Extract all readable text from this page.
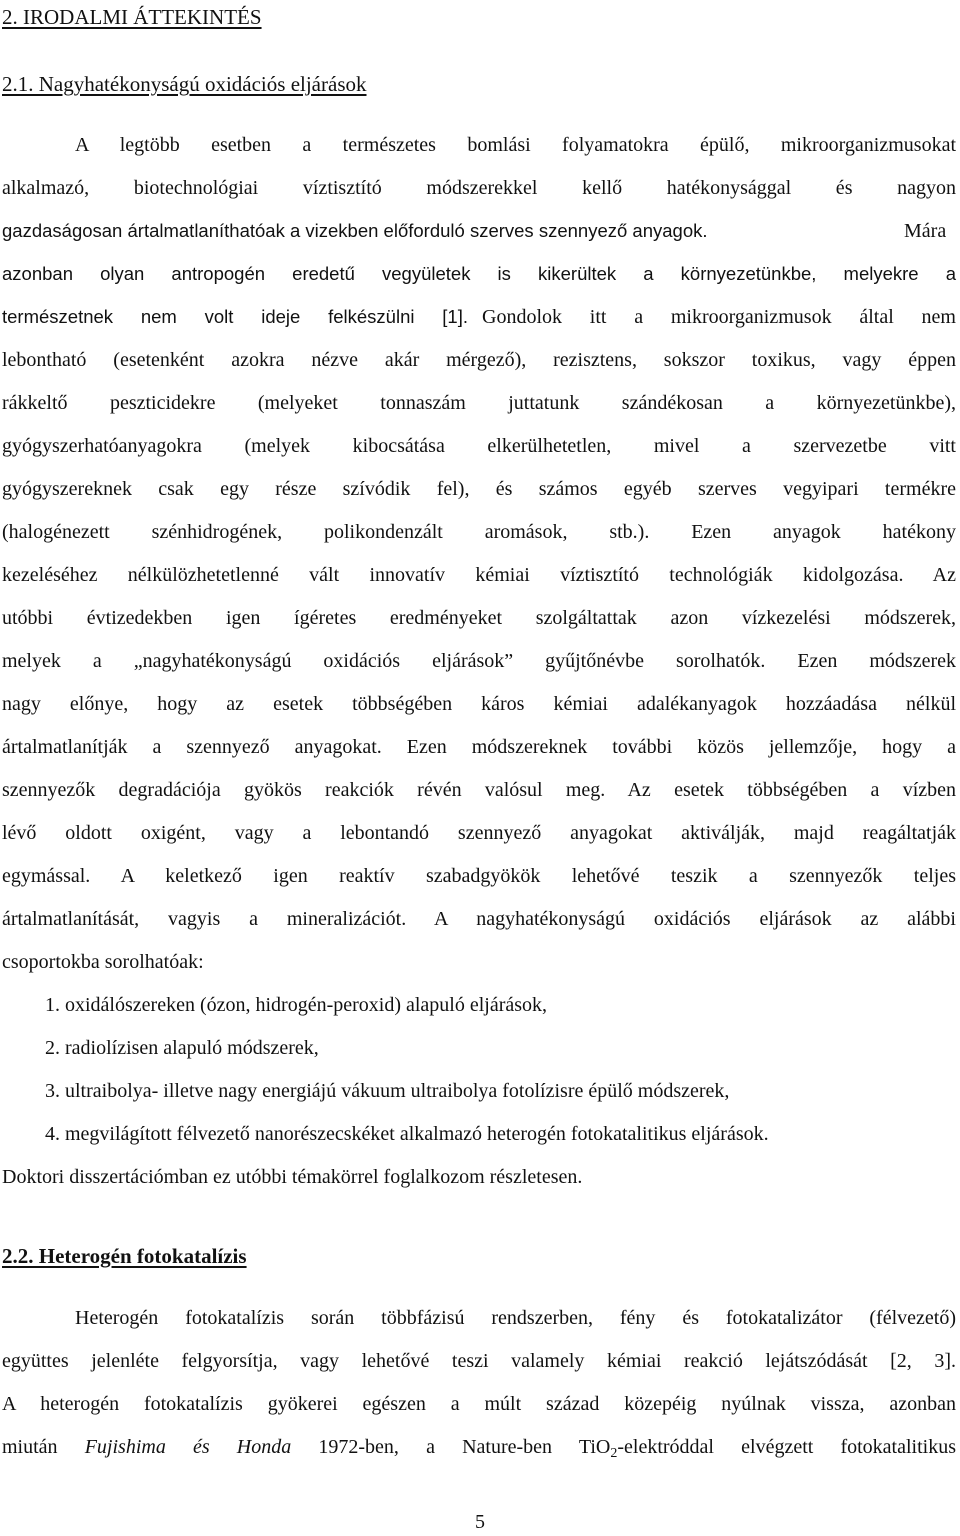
2. IRODALMI ÁTTEKINTÉS
2.1. Nagyhatékonyságú oxidációs eljárások
A legtöbb esetben a természetes bomlási folyamatokra épülő, mikroorganizmusokat
alkalmazó, biotechnológiai víztisztító módszerekkel kellő hatékonysággal és nagyon
gazdaságosan ártalmatlaníthatóak a vizekben előforduló szerves szennyező anyagok.	Mára
azonban olyan antropogén eredetű vegyületek is kikerültek a környezetünkbe, melyekre a
természetnek nem volt ideje felkészülni [1]. Gondolok itt a mikroorganizmusok által nem
lebontható (esetenként azokra nézve akár mérgező), rezisztens, sokszor toxikus, vagy éppen
rákkeltő peszticidekre (melyeket tonnaszám juttatunk szándékosan a környezetünkbe),
gyógyszerhatóanyagokra (melyek kibocsátása elkerülhetetlen, mivel a szervezetbe vitt
gyógyszereknek csak egy része szívódik fel), és számos egyéb szerves vegyipari termékre
(halogénezett szénhidrogének, polikondenzált aromások, stb.). Ezen anyagok hatékony
kezeléséhez nélkülözhetetlenné vált innovatív kémiai víztisztító technológiák kidolgozása. Az
utóbbi évtizedekben igen ígéretes eredményeket szolgáltattak azon vízkezelési módszerek,
melyek a „nagyhatékonyságú oxidációs eljárások” gyűjtőnévbe sorolhatók. Ezen módszerek
nagy előnye, hogy az esetek többségében káros kémiai adalékanyagok hozzáadása nélkül
ártalmatlanítják a szennyező anyagokat. Ezen módszereknek további közös jellemzője, hogy a
szennyezők degradációja gyökös reakciók révén valósul meg. Az esetek többségében a vízben
lévő oldott oxigént, vagy a lebontandó szennyező anyagokat aktiválják, majd reagáltatják
egymással. A keletkező igen reaktív szabadgyökök lehetővé teszik a szennyezők teljes
ártalmatlanítását, vagyis a mineralizációt. A nagyhatékonyságú oxidációs eljárások az alábbi
csoportokba sorolhatóak:
1. oxidálószereken (ózon, hidrogén-peroxid) alapuló eljárások,
2. radiolízisen alapuló módszerek,
3. ultraibolya- illetve nagy energiájú vákuum ultraibolya fotolízisre épülő módszerek,
4. megvilágított félvezető nanorészecskéket alkalmazó heterogén fotokatalitikus eljárások.
Doktori disszertációmban ez utóbbi témakörrel foglalkozom részletesen.
2.2. Heterogén fotokatalízis
Heterogén fotokatalízis során többfázisú rendszerben, fény és fotokatalizátor (félvezető)
együttes jelenléte felgyorsítja, vagy lehetővé teszi valamely kémiai reakció lejátszódását [2, 3].
A heterogén fotokatalízis gyökerei egészen a múlt század közepéig nyúlnak vissza, azonban
miután Fujishima és Honda 1972-ben, a Nature-ben TiO$_2$-elektróddal elvégzett fotokatalitikus
5
